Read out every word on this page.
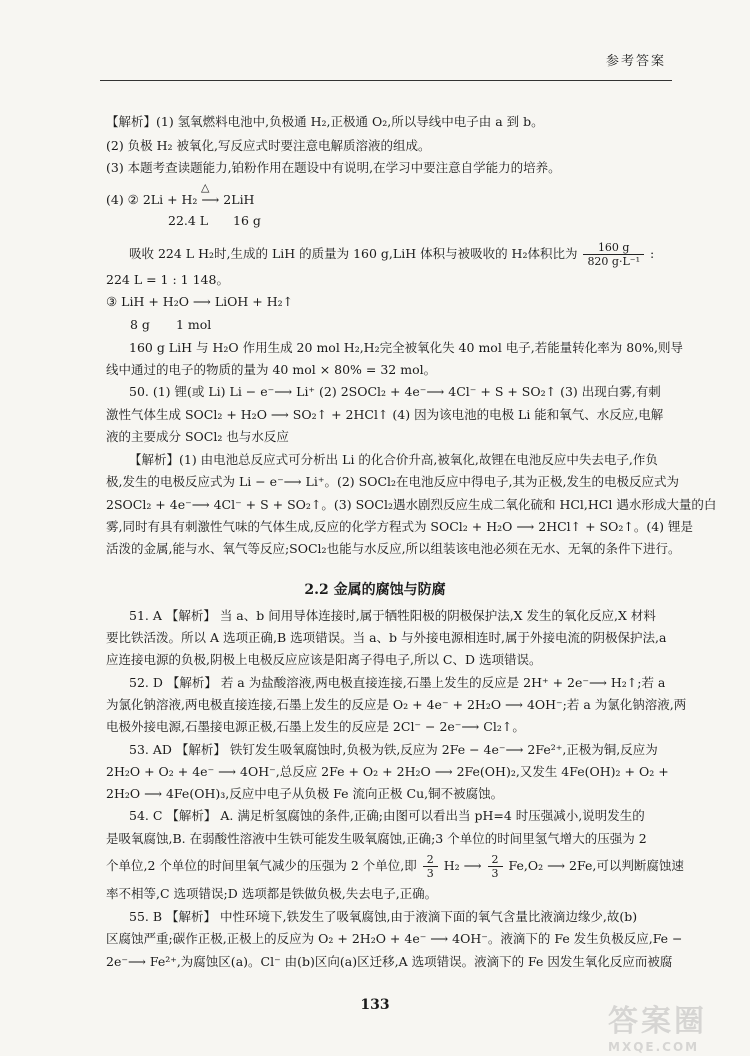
参考答案
【解析】(1) 氢氧燃料电池中,负极通 H₂,正极通 O₂,所以导线中电子由 a 到 b。
(2) 负极 H₂ 被氧化,写反应式时要注意电解质溶液的组成。
(3) 本题考查读题能力,铂粉作用在题设中有说明,在学习中要注意自学能力的培养。
△
(4) ② 2Li + H₂ ⟶ 2LiH
22.4 L 16 g
吸收 224 L H₂时,生成的 LiH 的质量为 160 g,LiH 体积与被吸收的 H₂体积比为 $\frac{160 g}{\text{820 g·L⁻¹}}$ :
224 L = 1 : 1 148。
③ LiH + H₂O ⟶ LiOH + H₂↑
8 g 1 mol
160 g LiH 与 H₂O 作用生成 20 mol H₂,H₂完全被氧化失 40 mol 电子,若能量转化率为 80%,则导
线中通过的电子的物质的量为 40 mol × 80% = 32 mol。
50. (1) 锂(或 Li) Li − e⁻⟶ Li⁺ (2) 2SOCl₂ + 4e⁻⟶ 4Cl⁻ + S + SO₂↑ (3) 出现白雾,有刺
激性气体生成 SOCl₂ + H₂O ⟶ SO₂↑ + 2HCl↑ (4) 因为该电池的电极 Li 能和氧气、水反应,电解
液的主要成分 SOCl₂ 也与水反应
【解析】(1) 由电池总反应式可分析出 Li 的化合价升高,被氧化,故锂在电池反应中失去电子,作负
极,发生的电极反应式为 Li − e⁻⟶ Li⁺。(2) SOCl₂在电池反应中得电子,其为正极,发生的电极反应式为
2SOCl₂ + 4e⁻⟶ 4Cl⁻ + S + SO₂↑。(3) SOCl₂遇水剧烈反应生成二氧化硫和 HCl,HCl 遇水形成大量的白
雾,同时有具有刺激性气味的气体生成,反应的化学方程式为 SOCl₂ + H₂O ⟶ 2HCl↑ + SO₂↑。(4) 锂是
活泼的金属,能与水、氧气等反应;SOCl₂也能与水反应,所以组装该电池必须在无水、无氧的条件下进行。
2.2 金属的腐蚀与防腐
51. A 【解析】 当 a、b 间用导体连接时,属于牺牲阳极的阴极保护法,X 发生的氧化反应,X 材料
要比铁活泼。所以 A 选项正确,B 选项错误。当 a、b 与外接电源相连时,属于外接电流的阴极保护法,a
应连接电源的负极,阴极上电极反应应该是阳离子得电子,所以 C、D 选项错误。
52. D 【解析】 若 a 为盐酸溶液,两电极直接连接,石墨上发生的反应是 2H⁺ + 2e⁻⟶ H₂↑;若 a
为氯化钠溶液,两电极直接连接,石墨上发生的反应是 O₂ + 4e⁻ + 2H₂O ⟶ 4OH⁻;若 a 为氯化钠溶液,两
电极外接电源,石墨接电源正极,石墨上发生的反应是 2Cl⁻ − 2e⁻⟶ Cl₂↑。
53. AD 【解析】 铁钉发生吸氧腐蚀时,负极为铁,反应为 2Fe − 4e⁻⟶ 2Fe²⁺,正极为铜,反应为
2H₂O + O₂ + 4e⁻ ⟶ 4OH⁻,总反应 2Fe + O₂ + 2H₂O ⟶ 2Fe(OH)₂,又发生 4Fe(OH)₂ + O₂ +
2H₂O ⟶ 4Fe(OH)₃,反应中电子从负极 Fe 流向正极 Cu,铜不被腐蚀。
54. C 【解析】 A. 满足析氢腐蚀的条件,正确;由图可以看出当 pH=4 时压强减小,说明发生的
是吸氧腐蚀,B. 在弱酸性溶液中生铁可能发生吸氧腐蚀,正确;3 个单位的时间里氢气增大的压强为 2
个单位,2 个单位的时间里氧气减少的压强为 2 个单位,即 $\frac{2}{3} H_2$ ⟶ $\frac{2}{3} Fe,O_2$ ⟶ 2Fe,可以判断腐蚀速
率不相等,C 选项错误;D 选项都是铁做负极,失去电子,正确。
55. B 【解析】 中性环境下,铁发生了吸氧腐蚀,由于液滴下面的氧气含量比液滴边缘少,故(b)
区腐蚀严重;碳作正极,正极上的反应为 O₂ + 2H₂O + 4e⁻ ⟶ 4OH⁻。液滴下的 Fe 发生负极反应,Fe −
2e⁻⟶ Fe²⁺,为腐蚀区(a)。Cl⁻ 由(b)区向(a)区迁移,A 选项错误。液滴下的 Fe 因发生氧化反应而被腐
133	答案圈
MXQE.COM
